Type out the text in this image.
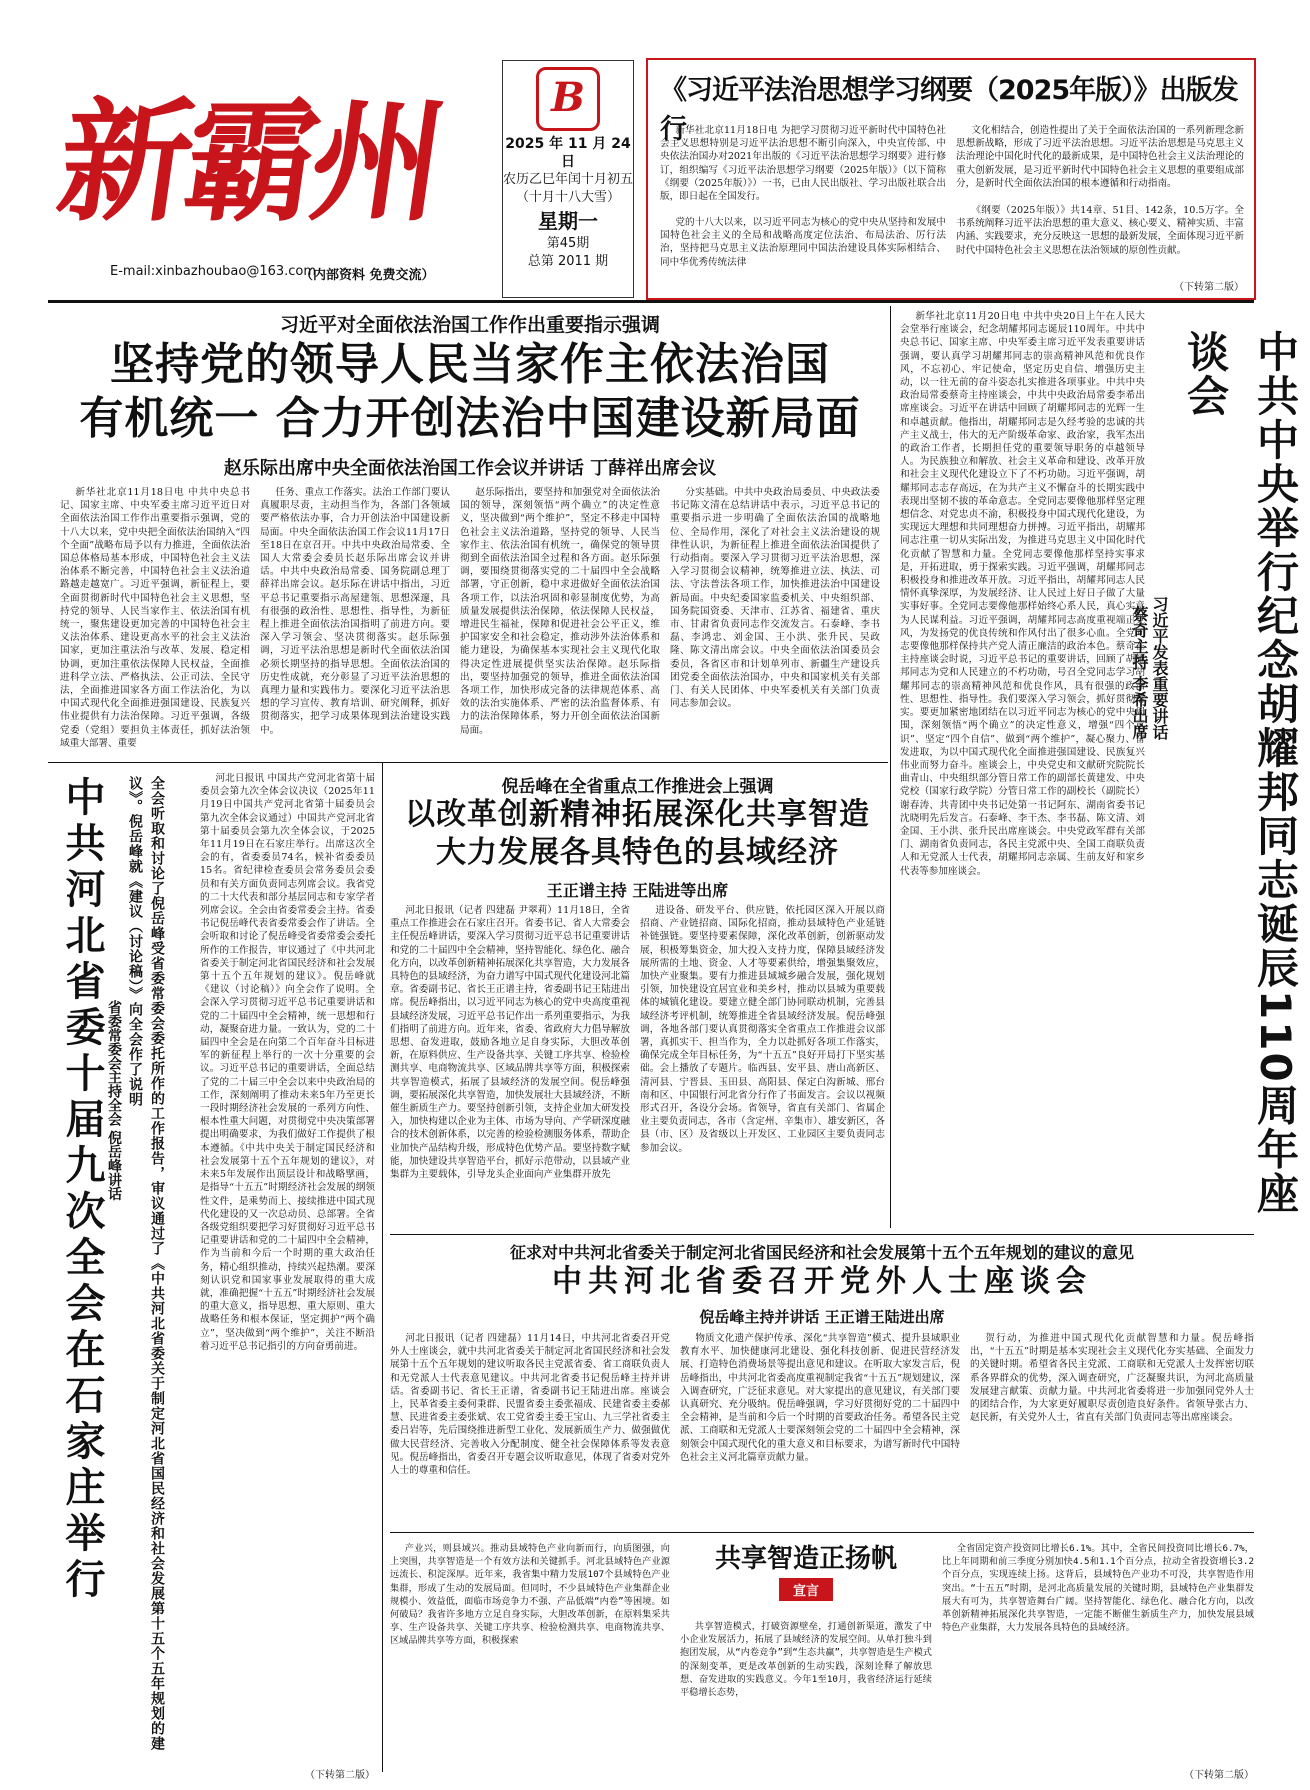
新霸州
E-mail:xinbazhoubao@163.com
（内部资料 免费交流）
B
2025 年 11 月 24 日
农历乙巳年闰十月初五
（十月十八大雪）
星期一
第45期
总第 2011 期
《习近平法治思想学习纲要（2025年版）》出版发行
新华社北京11月18日电 为把学习贯彻习近平新时代中国特色社会主义思想特别是习近平法治思想不断引向深入，中央宣传部、中央依法治国办对2021年出版的《习近平法治思想学习纲要》进行修订，组织编写《习近平法治思想学习纲要（2025年版）》（以下简称《纲要（2025年版）》）一书，已由人民出版社、学习出版社联合出版，即日起在全国发行。
党的十八大以来，以习近平同志为核心的党中央从坚持和发展中国特色社会主义的全局和战略高度定位法治、布局法治、厉行法治，坚持把马克思主义法治原理同中国法治建设具体实际相结合、同中华优秀传统法律
文化相结合，创造性提出了关于全面依法治国的一系列新理念新思想新战略，形成了习近平法治思想。习近平法治思想是马克思主义法治理论中国化时代化的最新成果，是中国特色社会主义法治理论的重大创新发展，是习近平新时代中国特色社会主义思想的重要组成部分，是新时代全面依法治国的根本遵循和行动指南。
《纲要（2025年版）》共14章、51目、142条，10.5万字。全书系统阐释习近平法治思想的重大意义、核心要义、精神实质、丰富内涵、实践要求，充分反映这一思想的最新发展，全面体现习近平新时代中国特色社会主义思想在法治领域的原创性贡献。
（下转第二版）
习近平对全面依法治国工作作出重要指示强调
坚持党的领导人民当家作主依法治国
有机统一 合力开创法治中国建设新局面
赵乐际出席中央全面依法治国工作会议并讲话 丁薛祥出席会议
新华社北京11月18日电 中共中央总书记、国家主席、中央军委主席习近平近日对全面依法治国工作作出重要指示强调，党的十八大以来，党中央把全面依法治国纳入“四个全面”战略布局予以有力推进，全面依法治国总体格局基本形成，中国特色社会主义法治体系不断完善，中国特色社会主义法治道路越走越宽广。习近平强调，新征程上，要全面贯彻新时代中国特色社会主义思想，坚持党的领导、人民当家作主、依法治国有机统一，聚焦建设更加完善的中国特色社会主义法治体系、建设更高水平的社会主义法治国家，更加注重法治与改革、发展、稳定相协调，更加注重依法保障人民权益，全面推进科学立法、严格执法、公正司法、全民守法，全面推进国家各方面工作法治化，为以中国式现代化全面推进强国建设、民族复兴伟业提供有力法治保障。习近平强调，各级党委（党组）要担负主体责任，抓好法治领域重大部署、重要
任务、重点工作落实。法治工作部门要认真履职尽责，主动担当作为，各部门各领域要严格依法办事，合力开创法治中国建设新局面。中央全面依法治国工作会议11月17日至18日在京召开。中共中央政治局常委、全国人大常委会委员长赵乐际出席会议并讲话。中共中央政治局常委、国务院副总理丁薛祥出席会议。赵乐际在讲话中指出，习近平总书记重要指示高屋建瓴、思想深邃，具有很强的政治性、思想性、指导性，为新征程上推进全面依法治国指明了前进方向。要深入学习领会、坚决贯彻落实。赵乐际强调，习近平法治思想是新时代全面依法治国必须长期坚持的指导思想。全面依法治国的历史性成就，充分彰显了习近平法治思想的真理力量和实践伟力。要深化习近平法治思想的学习宣传、教育培训、研究阐释，抓好贯彻落实，把学习成果体现到法治建设实践中。
赵乐际指出，要坚持和加强党对全面依法治国的领导，深刻领悟“两个确立”的决定性意义，坚决做到“两个维护”，坚定不移走中国特色社会主义法治道路，坚持党的领导、人民当家作主、依法治国有机统一，确保党的领导贯彻到全面依法治国全过程和各方面。赵乐际强调，要围绕贯彻落实党的二十届四中全会战略部署，守正创新，稳中求进做好全面依法治国各项工作，以法治巩固和彰显制度优势，为高质量发展提供法治保障，依法保障人民权益，增进民生福祉，保障和促进社会公平正义，维护国家安全和社会稳定，推动涉外法治体系和能力建设，为确保基本实现社会主义现代化取得决定性进展提供坚实法治保障。赵乐际指出，要坚持加强党的领导，推进全面依法治国各项工作，加快形成完备的法律规范体系、高效的法治实施体系、严密的法治监督体系、有力的法治保障体系，努力开创全面依法治国新局面。
分实基础。中共中央政治局委员、中央政法委书记陈文清在总结讲话中表示，习近平总书记的重要指示进一步明确了全面依法治国的战略地位、全局作用，深化了对社会主义法治建设的规律性认识，为新征程上推进全面依法治国提供了行动指南。要深入学习贯彻习近平法治思想，深入学习贯彻会议精神，统筹推进立法、执法、司法、守法普法各项工作，加快推进法治中国建设新局面。中央纪委国家监委机关、中央组织部、国务院国资委、天津市、江苏省、福建省、重庆市、甘肃省负责同志作交流发言。石泰峰、李书磊、李鸿忠、刘金国、王小洪、张升民、吴政隆、陈文清出席会议。中央全面依法治国委员会委员，各省区市和计划单列市、新疆生产建设兵团党委全面依法治国办，中央和国家机关有关部门、有关人民团体、中央军委机关有关部门负责同志参加会议。
新华社北京11月20日电 中共中央20日上午在人民大会堂举行座谈会，纪念胡耀邦同志诞辰110周年。中共中央总书记、国家主席、中央军委主席习近平发表重要讲话强调，要认真学习胡耀邦同志的崇高精神风范和优良作风，不忘初心、牢记使命，坚定历史自信、增强历史主动，以一往无前的奋斗姿态扎实推进各项事业。中共中央政治局常委蔡奇主持座谈会，中共中央政治局常委李希出席座谈会。习近平在讲话中回顾了胡耀邦同志的光辉一生和卓越贡献。他指出，胡耀邦同志是久经考验的忠诚的共产主义战士，伟大的无产阶级革命家、政治家，我军杰出的政治工作者，长期担任党的重要领导职务的卓越领导人。为民族独立和解放、社会主义革命和建设、改革开放和社会主义现代化建设立下了不朽功勋。习近平强调，胡耀邦同志志存高远，在为共产主义不懈奋斗的长期实践中表现出坚韧不拔的革命意志。全党同志要像他那样坚定理想信念、对党忠贞不渝，积极投身中国式现代化建设，为实现远大理想和共同理想奋力拼搏。习近平指出，胡耀邦同志注重一切从实际出发，为推进马克思主义中国化时代化贡献了智慧和力量。全党同志要像他那样坚持实事求是，开拓进取，勇于探索实践。习近平强调，胡耀邦同志积极投身和推进改革开放。习近平指出，胡耀邦同志人民情怀真挚深厚，为发展经济、让人民过上好日子做了大量实事好事。全党同志要像他那样始终心系人民，真心实意为人民谋利益。习近平强调，胡耀邦同志高度重视端正党风，为发扬党的优良传统和作风付出了很多心血。全党同志要像他那样保持共产党人清正廉洁的政治本色。蔡奇在主持座谈会时说，习近平总书记的重要讲话，回顾了胡耀邦同志为党和人民建立的不朽功勋，号召全党同志学习胡耀邦同志的崇高精神风范和优良作风，具有很强的政治性、思想性、指导性。我们要深入学习领会，抓好贯彻落实。要更加紧密地团结在以习近平同志为核心的党中央周围，深刻领悟“两个确立”的决定性意义，增强“四个意识”、坚定“四个自信”、做到“两个维护”，凝心聚力、奋发进取，为以中国式现代化全面推进强国建设、民族复兴伟业而努力奋斗。座谈会上，中央党史和文献研究院院长曲青山、中央组织部分管日常工作的副部长黄建发、中央党校（国家行政学院）分管日常工作的副校长（副院长）谢春涛、共青团中央书记处第一书记阿东、湖南省委书记沈晓明先后发言。石泰峰、李干杰、李书磊、陈文清、刘金国、王小洪、张升民出席座谈会。中央党政军群有关部门、湖南省负责同志，各民主党派中央、全国工商联负责人和无党派人士代表，胡耀邦同志亲属、生前友好和家乡代表等参加座谈会。	中共中央举行纪念胡耀邦同志诞辰110周年座谈会
习近平发表重要讲话
蔡奇主持 李希出席
中共河北省委十届九次全会在石家庄举行	全会听取和讨论了倪岳峰受省委常委会委托所作的工作报告，审议通过了《中共河北省委关于制定河北省国民经济和社会发展第十五个五年规划的建议》。倪岳峰就《建议（讨论稿）》向全会作了说明
省委常委会主持全会 倪岳峰讲话
河北日报讯 中国共产党河北省第十届委员会第九次全体会议决议（2025年11月19日中国共产党河北省第十届委员会第九次全体会议通过）中国共产党河北省第十届委员会第九次全体会议，于2025年11月19日在石家庄举行。出席这次全会的有，省委委员74名，候补省委委员15名。省纪律检查委员会常务委员会委员和有关方面负责同志列席会议。我省党的二十大代表和部分基层同志和专家学者列席会议。全会由省委常委会主持。省委书记倪岳峰代表省委常委会作了讲话。全会听取和讨论了倪岳峰受省委常委会委托所作的工作报告，审议通过了《中共河北省委关于制定河北省国民经济和社会发展第十五个五年规划的建议》。倪岳峰就《建议（讨论稿）》向全会作了说明。全会深入学习贯彻习近平总书记重要讲话和党的二十届四中全会精神，统一思想和行动，凝聚奋进力量。一致认为，党的二十届四中全会是在向第二个百年奋斗目标进军的新征程上举行的一次十分重要的会议。习近平总书记的重要讲话，全面总结了党的二十届三中全会以来中央政治局的工作，深刻阐明了推动未来5年乃至更长一段时期经济社会发展的一系列方向性、根本性重大问题，对贯彻党中央决策部署提出明确要求，为我们做好工作提供了根本遵循。《中共中央关于制定国民经济和社会发展第十五个五年规划的建议》，对未来5年发展作出顶层设计和战略擘画，是指导“十五五”时期经济社会发展的纲领性文件，是乘势而上、接续推进中国式现代化建设的又一次总动员、总部署。全省各级党组织要把学习好贯彻好习近平总书记重要讲话和党的二十届四中全会精神，作为当前和今后一个时期的重大政治任务，精心组织推动，持续兴起热潮。要深刻认识党和国家事业发展取得的重大成就，准确把握“十五五”时期经济社会发展的重大意义，指导思想、重大原则、重大战略任务和根本保证，坚定拥护“两个确立”，坚决做到“两个维护”，关注不断沿着习近平总书记指引的方向奋勇前进。
（下转第二版）
倪岳峰在全省重点工作推进会上强调
以改革创新精神拓展深化共享智造
大力发展各具特色的县域经济
王正谱主持 王陆进等出席
河北日报讯（记者 四建磊 尹翠莉）11月18日，全省重点工作推进会在石家庄召开。省委书记、省人大常委会主任倪岳峰讲话，要深入学习贯彻习近平总书记重要讲话和党的二十届四中全会精神，坚持智能化、绿色化、融合化方向，以改革创新精神拓展深化共享智造，大力发展各具特色的县域经济，为奋力谱写中国式现代化建设河北篇章。省委副书记、省长王正谱主持，省委副书记王陆进出席。倪岳峰指出，以习近平同志为核心的党中央高度重视县域经济发展，习近平总书记作出一系列重要指示，为我们指明了前进方向。近年来，省委、省政府大力倡导解放思想、奋发进取，鼓励各地立足自身实际，大胆改革创新，在原料供应、生产设备共享、关键工序共享、检验检测共享、电商物流共享、区域品牌共享等方面，积极探索共享智造模式，拓展了县域经济的发展空间。倪岳峰强调，要拓展深化共享智造，加快发展壮大县域经济，不断催生新质生产力。要坚持创新引领，支持企业加大研发投入，加快构建以企业为主体、市场为导向、产学研深度融合的技术创新体系，以完善的检验检测服务体系，帮助企业加快产品结构升级，形成特色优势产品。要坚持数字赋能，加快建设共享智造平台，抓好示范带动，以县域产业集群为主要载体，引导龙头企业面向产业集群开放先
进设备、研发平台、供应链，依托园区深入开展以商招商、产业链招商、国际化招商，推动县域特色产业延链补链强链。要坚持要素保障，深化改革创新，创新驱动发展，积极筹集资金，加大投入支持力度，保障县域经济发展所需的土地、资金、人才等要素供给，增强集聚效应，加快产业聚集。要有力推进县域城乡融合发展，强化规划引领，加快建设宜居宜业和美乡村，推动以县城为重要载体的城镇化建设。要建立健全部门协同联动机制，完善县域经济考评机制，统筹推进全省县域经济发展。倪岳峰强调，各地各部门要认真贯彻落实全省重点工作推进会议部署，真抓实干、担当作为，全力以赴抓好各项工作落实，确保完成全年目标任务，为“十五五”良好开局打下坚实基础。会上播放了专题片。临西县、安平县、唐山高新区、清河县、宁晋县、玉田县、高阳县、保定白沟新城、邢台南和区、中国银行河北省分行作了书面发言。会议以视频形式召开，各设分会场。省领导，省直有关部门、省属企业主要负责同志，各市（含定州、辛集市）、雄安新区，各县（市、区）及省级以上开发区、工业园区主要负责同志参加会议。
征求对中共河北省委关于制定河北省国民经济和社会发展第十五个五年规划的建议的意见
中共河北省委召开党外人士座谈会
倪岳峰主持并讲话 王正谱王陆进出席
河北日报讯（记者 四建磊）11月14日，中共河北省委召开党外人士座谈会，就中共河北省委关于制定河北省国民经济和社会发展第十五个五年规划的建议听取各民主党派省委、省工商联负责人和无党派人士代表意见建议。中共河北省委书记倪岳峰主持并讲话。省委副书记、省长王正谱，省委副书记王陆进出席。座谈会上，民革省委主委何秉群、民盟省委主委张福成、民建省委主委郝慧、民进省委主委张斌、农工党省委主委王宝山、九三学社省委主委吕岩等，先后围绕推进新型工业化、发展新质生产力、做强做优做大民营经济、完善收入分配制度、健全社会保障体系等发表意见。倪岳峰指出，省委召开专题会议听取意见，体现了省委对党外人士的尊重和信任。
物质文化遗产保护传承、深化“共享智造”模式、提升县域职业教育水平、加快健康河北建设、强化科技创新、促进民营经济发展、打造特色消费场景等提出意见和建议。在听取大家发言后，倪岳峰指出，中共河北省委高度重视制定我省“十五五”规划建议，深入调查研究，广泛征求意见。对大家提出的意见建议，有关部门要认真研究、充分吸纳。倪岳峰强调，学习好贯彻好党的二十届四中全会精神，是当前和今后一个时期的首要政治任务。希望各民主党派、工商联和无党派人士要深刻领会党的二十届四中全会精神，深刻领会中国式现代化的重大意义和目标要求，为谱写新时代中国特色社会主义河北篇章贡献力量。
贺行动，为推进中国式现代化贡献智慧和力量。倪岳峰指出，“十五五”时期是基本实现社会主义现代化夯实基础、全面发力的关键时期。希望省各民主党派、工商联和无党派人士发挥密切联系各界群众的优势，深入调查研究，广泛凝聚共识，为河北高质量发展建言献策、贡献力量。中共河北省委将进一步加强同党外人士的团结合作，为大家更好履职尽责创造良好条件。省领导张古力、赵民新，有关党外人士，省直有关部门负责同志等出席座谈会。
产业兴，则县域兴。推动县域特色产业向新而行，向质图强，向上突围，共享智造是一个有效方法和关键抓手。河北县域特色产业源远流长、积淀深厚。近年来，我省集中精力发展107个县域特色产业集群，形成了生动的发展局面。但同时，不少县域特色产业集群企业规模小、效益低，面临市场竞争力不强、产品低端“内卷”等困境。如何破局？我省许多地方立足自身实际，大胆改革创新，在原料集采共享、生产设备共享、关键工序共享、检验检测共享、电商物流共享、区域品牌共享等方面，积极探索
共享智造正扬帆
宣言
共享智造模式，打破资源壁垒，打通创新渠道，激发了中小企业发展活力，拓展了县域经济的发展空间。从单打独斗到抱团发展，从“内卷竞争”到“生态共赢”，共享智造是生产模式的深刻变革，更是改革创新的生动实践，深刻诠释了解放思想、奋发进取的实践意义。今年1至10月，我省经济运行延续平稳增长态势，
全省固定资产投资同比增长6.1%。其中，全省民间投资同比增长6.7%，比上年同期和前三季度分别加快4.5和1.1个百分点，拉动全省投资增长3.2个百分点，实现连续上扬。这背后，县域特色产业功不可没，共享智造作用突出。“十五五”时期，是河北高质量发展的关键时期，县域特色产业集群发展大有可为，共享智造舞台广阔。坚持智能化、绿色化、融合化方向，以改革创新精神拓展深化共享智造，一定能不断催生新质生产力，加快发展县域特色产业集群，大力发展各具特色的县域经济。
（下转第二版）
